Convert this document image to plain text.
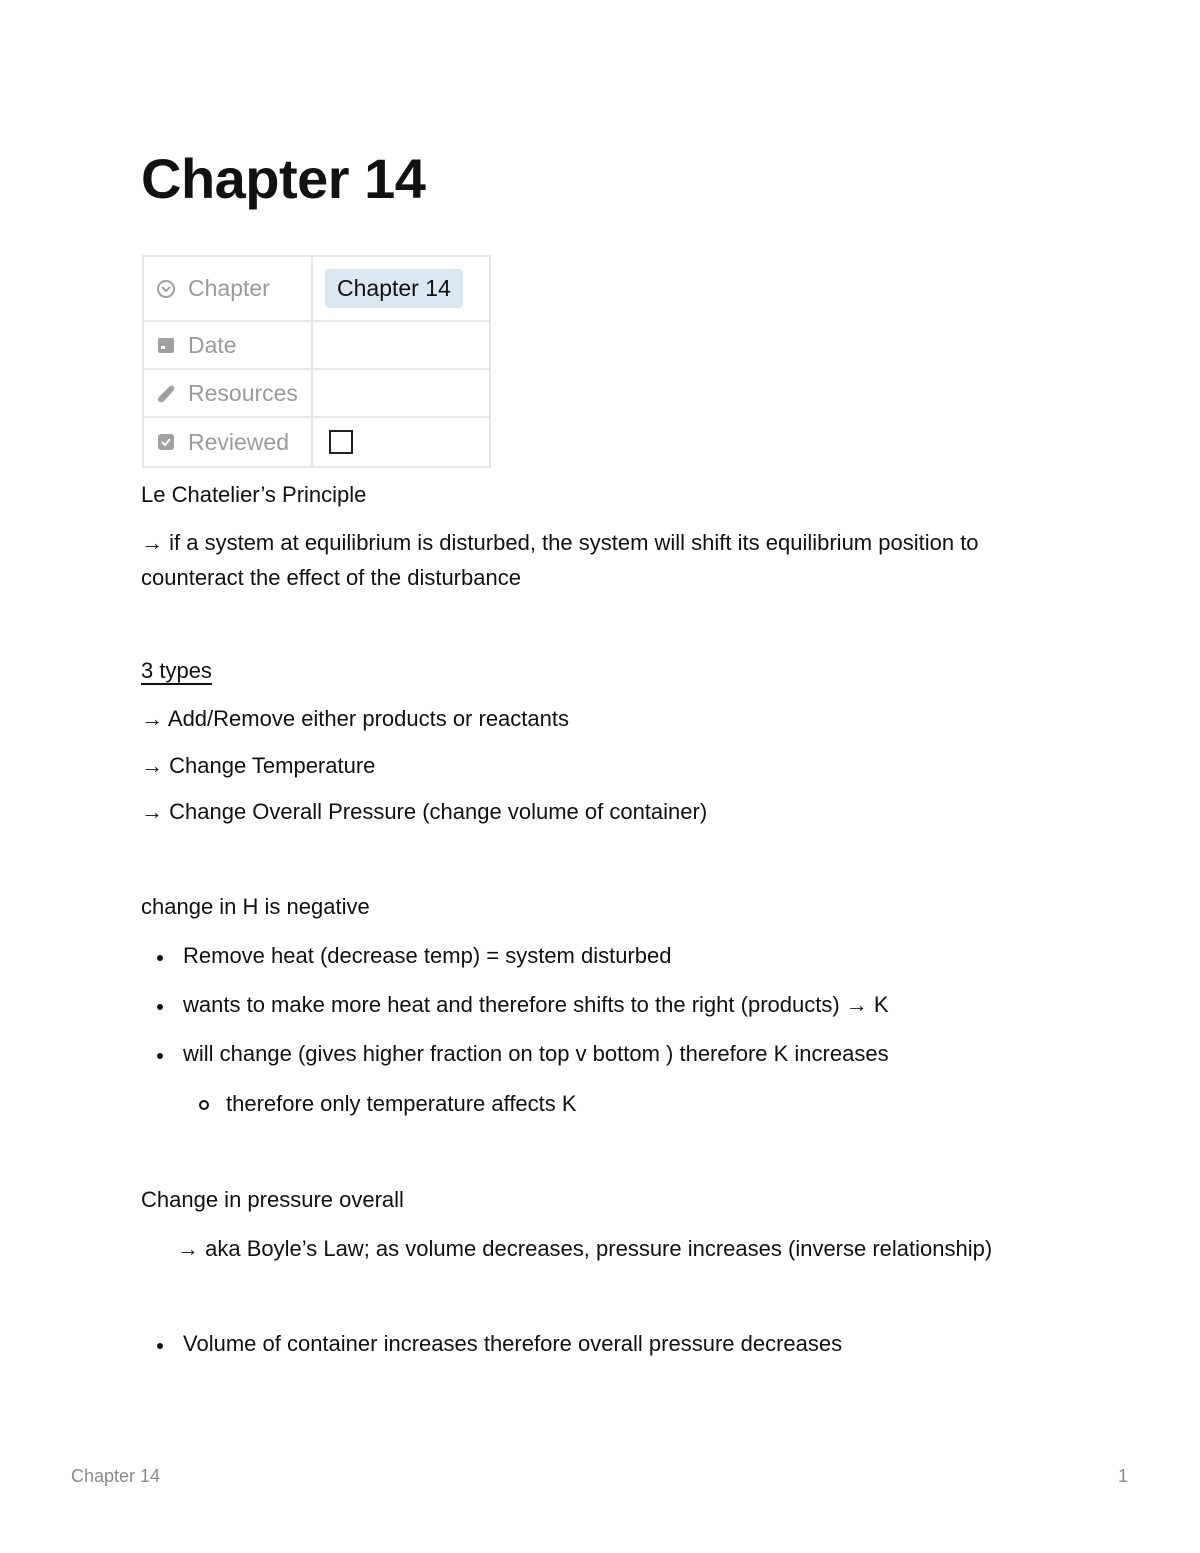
Chapter 14
Chapter	Chapter 14

Date	

Resources	

Reviewed	

Le Chatelier’s Principle

→ if a system at equilibrium is disturbed, the system will shift its equilibrium position to

counteract the effect of the disturbance

3 types

→ Add/Remove either products or reactants

→ Change Temperature

→ Change Overall Pressure (change volume of container)

change in H is negative

Remove heat (decrease temp) = system disturbed

wants to make more heat and therefore shifts to the right (products) → K

will change (gives higher fraction on top v bottom ) therefore K increases

therefore only temperature affects K

Change in pressure overall

→ aka Boyle’s Law; as volume decreases, pressure increases (inverse relationship)

Volume of container increases therefore overall pressure decreases

Chapter 14	1
